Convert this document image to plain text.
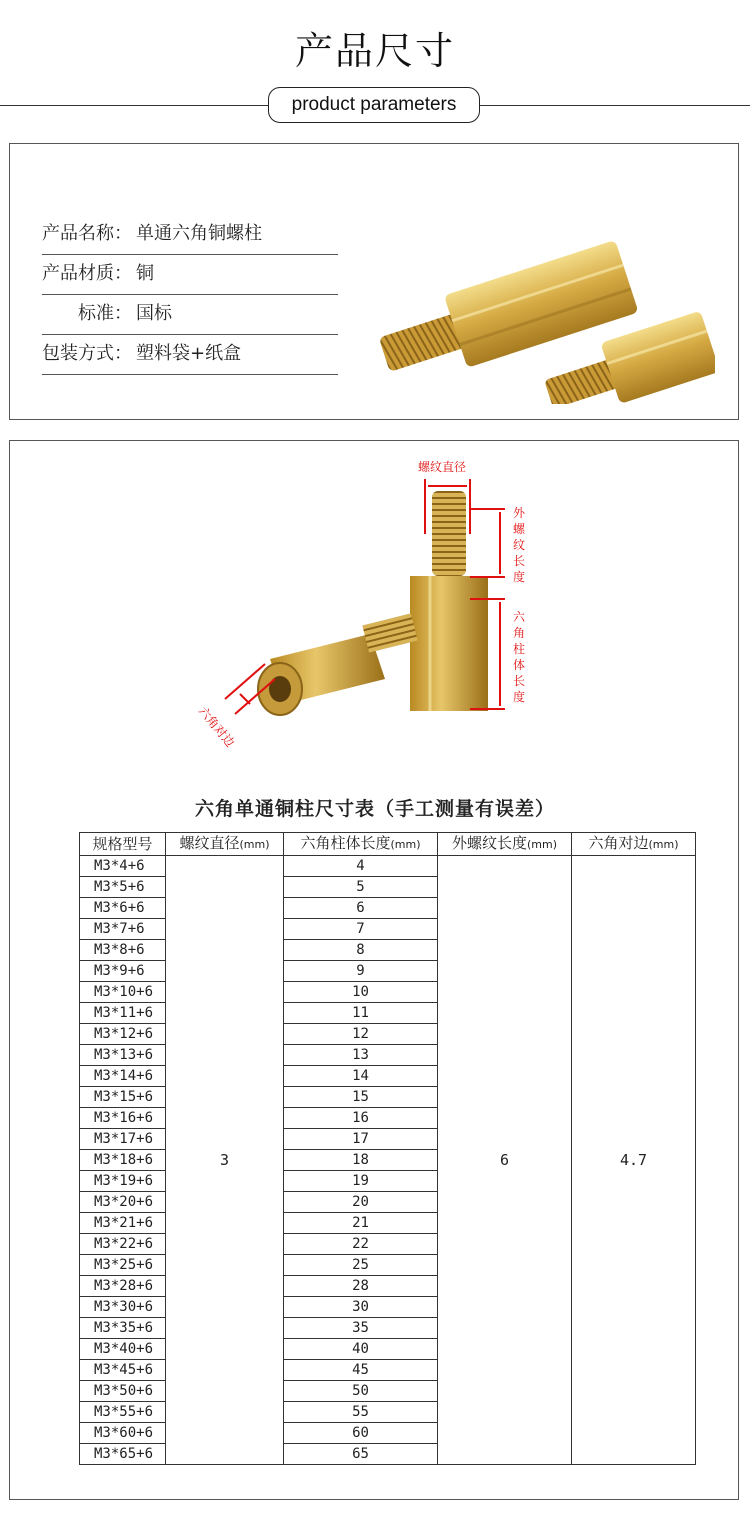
产品尺寸
product parameters
产品名称： 单通六角铜螺柱
产品材质： 铜
标准： 国标
包装方式： 塑料袋+纸盒
螺纹直径
外
螺
纹
长
度
六
角
柱
体
长
度
六角对边
六角单通铜柱尺寸表（手工测量有误差）
规格型号	螺纹直径(mm)	六角柱体长度(mm)	外螺纹长度(mm)	六角对边(mm)
M3*4+6	3	4	6	4.7
M3*5+6		5		
M3*6+6		6		
M3*7+6		7		
M3*8+6		8		
M3*9+6		9		
M3*10+6		10		
M3*11+6		11		
M3*12+6		12		
M3*13+6		13		
M3*14+6		14		
M3*15+6		15		
M3*16+6		16		
M3*17+6		17		
M3*18+6		18		
M3*19+6		19		
M3*20+6		20		
M3*21+6		21		
M3*22+6		22		
M3*25+6		25		
M3*28+6		28		
M3*30+6		30		
M3*35+6		35		
M3*40+6		40		
M3*45+6		45		
M3*50+6		50		
M3*55+6		55		
M3*60+6		60		
M3*65+6		65		
